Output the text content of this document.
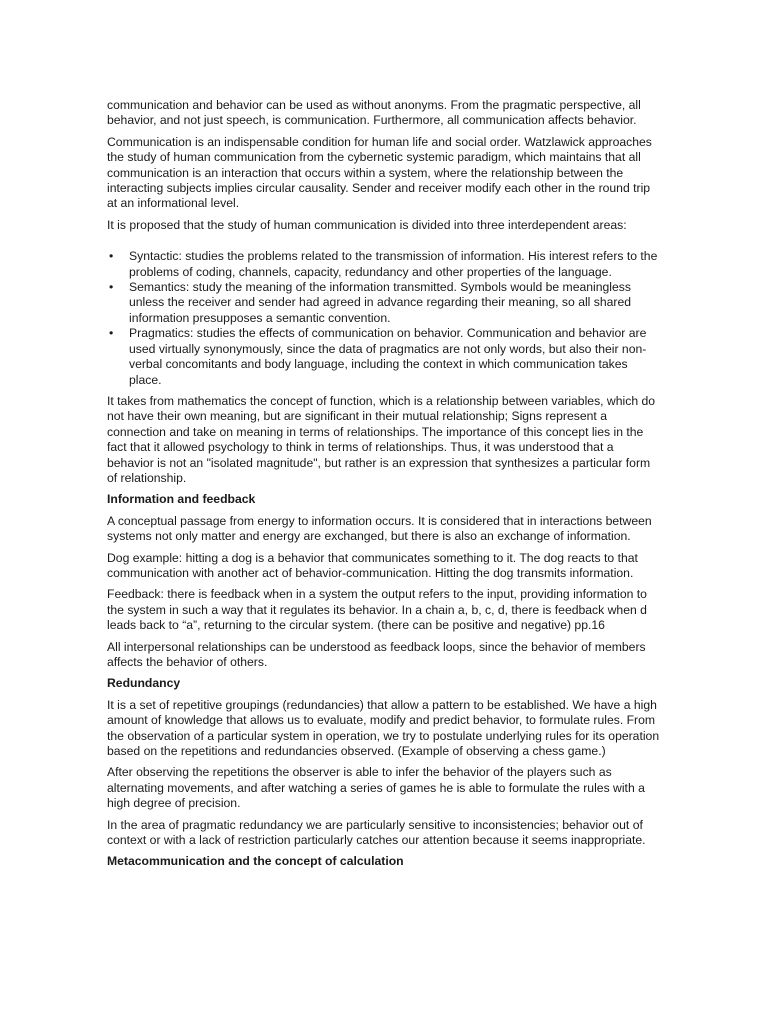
communication and behavior can be used as without anonyms. From the pragmatic perspective, all behavior, and not just speech, is communication. Furthermore, all communication affects behavior.

Communication is an indispensable condition for human life and social order. Watzlawick approaches the study of human communication from the cybernetic systemic paradigm, which maintains that all communication is an interaction that occurs within a system, where the relationship between the interacting subjects implies circular causality. Sender and receiver modify each other in the round trip at an informational level.

It is proposed that the study of human communication is divided into three interdependent areas:

• Syntactic: studies the problems related to the transmission of information. His interest refers to the problems of coding, channels, capacity, redundancy and other properties of the language.
• Semantics: study the meaning of the information transmitted. Symbols would be meaningless unless the receiver and sender had agreed in advance regarding their meaning, so all shared information presupposes a semantic convention.
• Pragmatics: studies the effects of communication on behavior. Communication and behavior are used virtually synonymously, since the data of pragmatics are not only words, but also their non-verbal concomitants and body language, including the context in which communication takes place.

It takes from mathematics the concept of function, which is a relationship between variables, which do not have their own meaning, but are significant in their mutual relationship; Signs represent a connection and take on meaning in terms of relationships. The importance of this concept lies in the fact that it allowed psychology to think in terms of relationships. Thus, it was understood that a behavior is not an "isolated magnitude", but rather is an expression that synthesizes a particular form of relationship.

Information and feedback

A conceptual passage from energy to information occurs. It is considered that in interactions between systems not only matter and energy are exchanged, but there is also an exchange of information.

Dog example: hitting a dog is a behavior that communicates something to it. The dog reacts to that communication with another act of behavior-communication. Hitting the dog transmits information.

Feedback: there is feedback when in a system the output refers to the input, providing information to the system in such a way that it regulates its behavior. In a chain a, b, c, d, there is feedback when d leads back to “a”, returning to the circular system. (there can be positive and negative) pp.16

All interpersonal relationships can be understood as feedback loops, since the behavior of members affects the behavior of others.

Redundancy

It is a set of repetitive groupings (redundancies) that allow a pattern to be established. We have a high amount of knowledge that allows us to evaluate, modify and predict behavior, to formulate rules. From the observation of a particular system in operation, we try to postulate underlying rules for its operation based on the repetitions and redundancies observed. (Example of observing a chess game.)

After observing the repetitions the observer is able to infer the behavior of the players such as alternating movements, and after watching a series of games he is able to formulate the rules with a high degree of precision.

In the area of pragmatic redundancy we are particularly sensitive to inconsistencies; behavior out of context or with a lack of restriction particularly catches our attention because it seems inappropriate.

Metacommunication and the concept of calculation
